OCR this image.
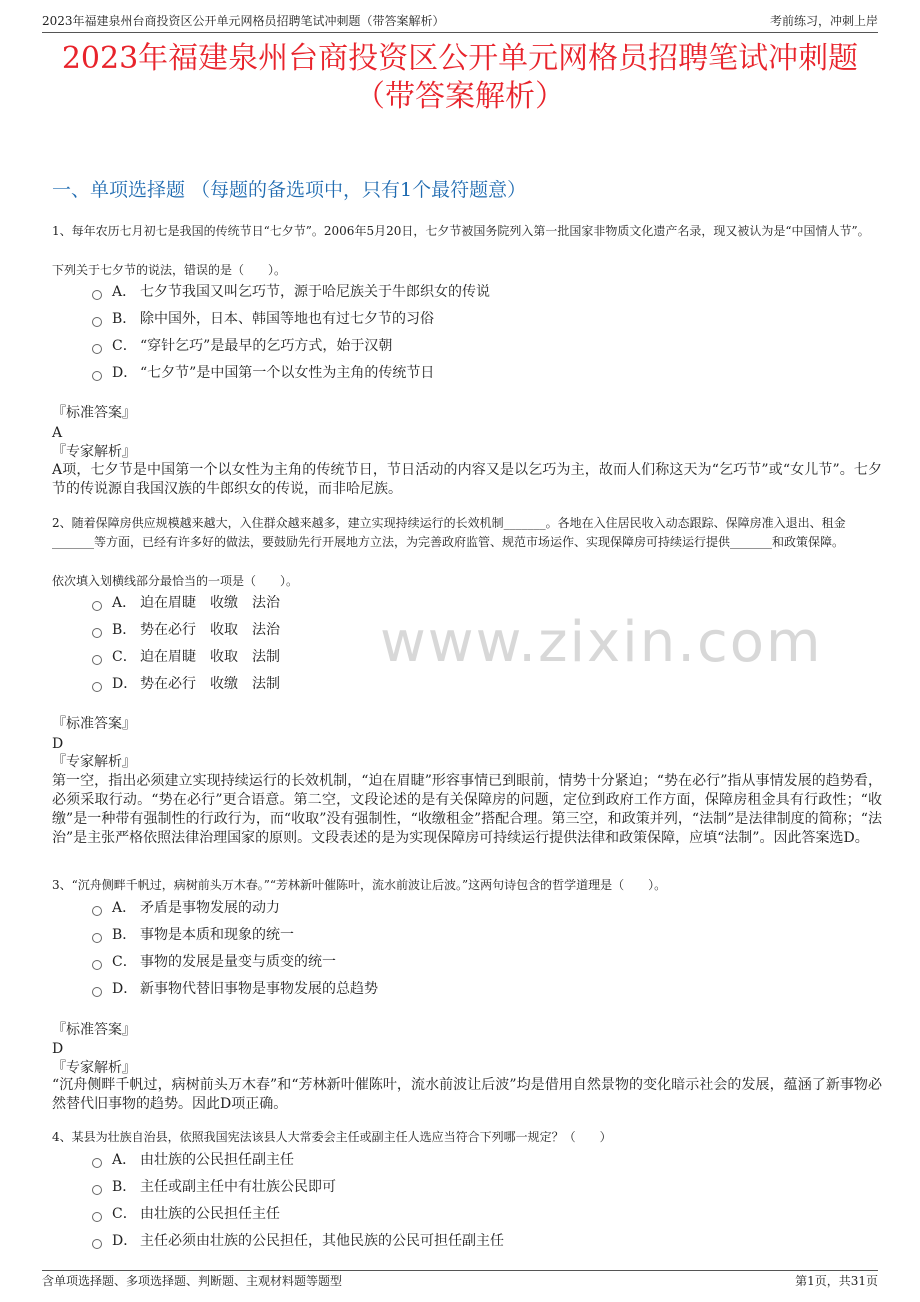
2023年福建泉州台商投资区公开单元网格员招聘笔试冲刺题（带答案解析）	考前练习，冲刺上岸
2023年福建泉州台商投资区公开单元网格员招聘笔试冲刺题
（带答案解析）
一、单项选择题 （每题的备选项中，只有1个最符题意）
www.zixin.com

1、每年农历七月初七是我国的传统节日“七夕节”。2006年5月20日，七夕节被国务院列入第一批国家非物质文化遗产名录，现又被认为是“中国情人节”。

下列关于七夕节的说法，错误的是（　　）。

A． 七夕节我国又叫乞巧节，源于哈尼族关于牛郎织女的传说
B． 除中国外，日本、韩国等地也有过七夕节的习俗
C． “穿针乞巧”是最早的乞巧方式，始于汉朝
D． “七夕节”是中国第一个以女性为主角的传统节日

『标准答案』

A

『专家解析』

A项，七夕节是中国第一个以女性为主角的传统节日，节日活动的内容又是以乞巧为主，故而人们称这天为“乞巧节”或“女儿节”。七夕节的传说源自我国汉族的牛郎织女的传说，而非哈尼族。

2、随着保障房供应规模越来越大，入住群众越来越多，建立实现持续运行的长效机制_______。各地在入住居民收入动态跟踪、保障房准入退出、租金_______等方面，已经有许多好的做法，要鼓励先行开展地方立法，为完善政府监管、规范市场运作、实现保障房可持续运行提供_______和政策保障。

依次填入划横线部分最恰当的一项是（　　）。

A． 迫在眉睫　收缴　法治
B． 势在必行　收取　法治
C． 迫在眉睫　收取　法制
D． 势在必行　收缴　法制

『标准答案』

D

『专家解析』

第一空，指出必须建立实现持续运行的长效机制，“迫在眉睫”形容事情已到眼前，情势十分紧迫；“势在必行”指从事情发展的趋势看，必须采取行动。“势在必行”更合语意。第二空，文段论述的是有关保障房的问题，定位到政府工作方面，保障房租金具有行政性；“收缴”是一种带有强制性的行政行为，而“收取”没有强制性，“收缴租金”搭配合理。第三空，和政策并列，“法制”是法律制度的简称；“法治”是主张严格依照法律治理国家的原则。文段表述的是为实现保障房可持续运行提供法律和政策保障，应填“法制”。因此答案选D。

3、“沉舟侧畔千帆过，病树前头万木春。”“芳林新叶催陈叶，流水前波让后波。”这两句诗包含的哲学道理是（　　）。

A． 矛盾是事物发展的动力
B． 事物是本质和现象的统一
C． 事物的发展是量变与质变的统一
D． 新事物代替旧事物是事物发展的总趋势

『标准答案』

D

『专家解析』

“沉舟侧畔千帆过，病树前头万木春”和“芳林新叶催陈叶，流水前波让后波”均是借用自然景物的变化暗示社会的发展，蕴涵了新事物必然替代旧事物的趋势。因此D项正确。

4、某县为壮族自治县，依照我国宪法该县人大常委会主任或副主任人选应当符合下列哪一规定？（　　）

A． 由壮族的公民担任副主任
B． 主任或副主任中有壮族公民即可
C． 由壮族的公民担任主任
D． 主任必须由壮族的公民担任，其他民族的公民可担任副主任
含单项选择题、多项选择题、判断题、主观材料题等题型	第1页，共31页
